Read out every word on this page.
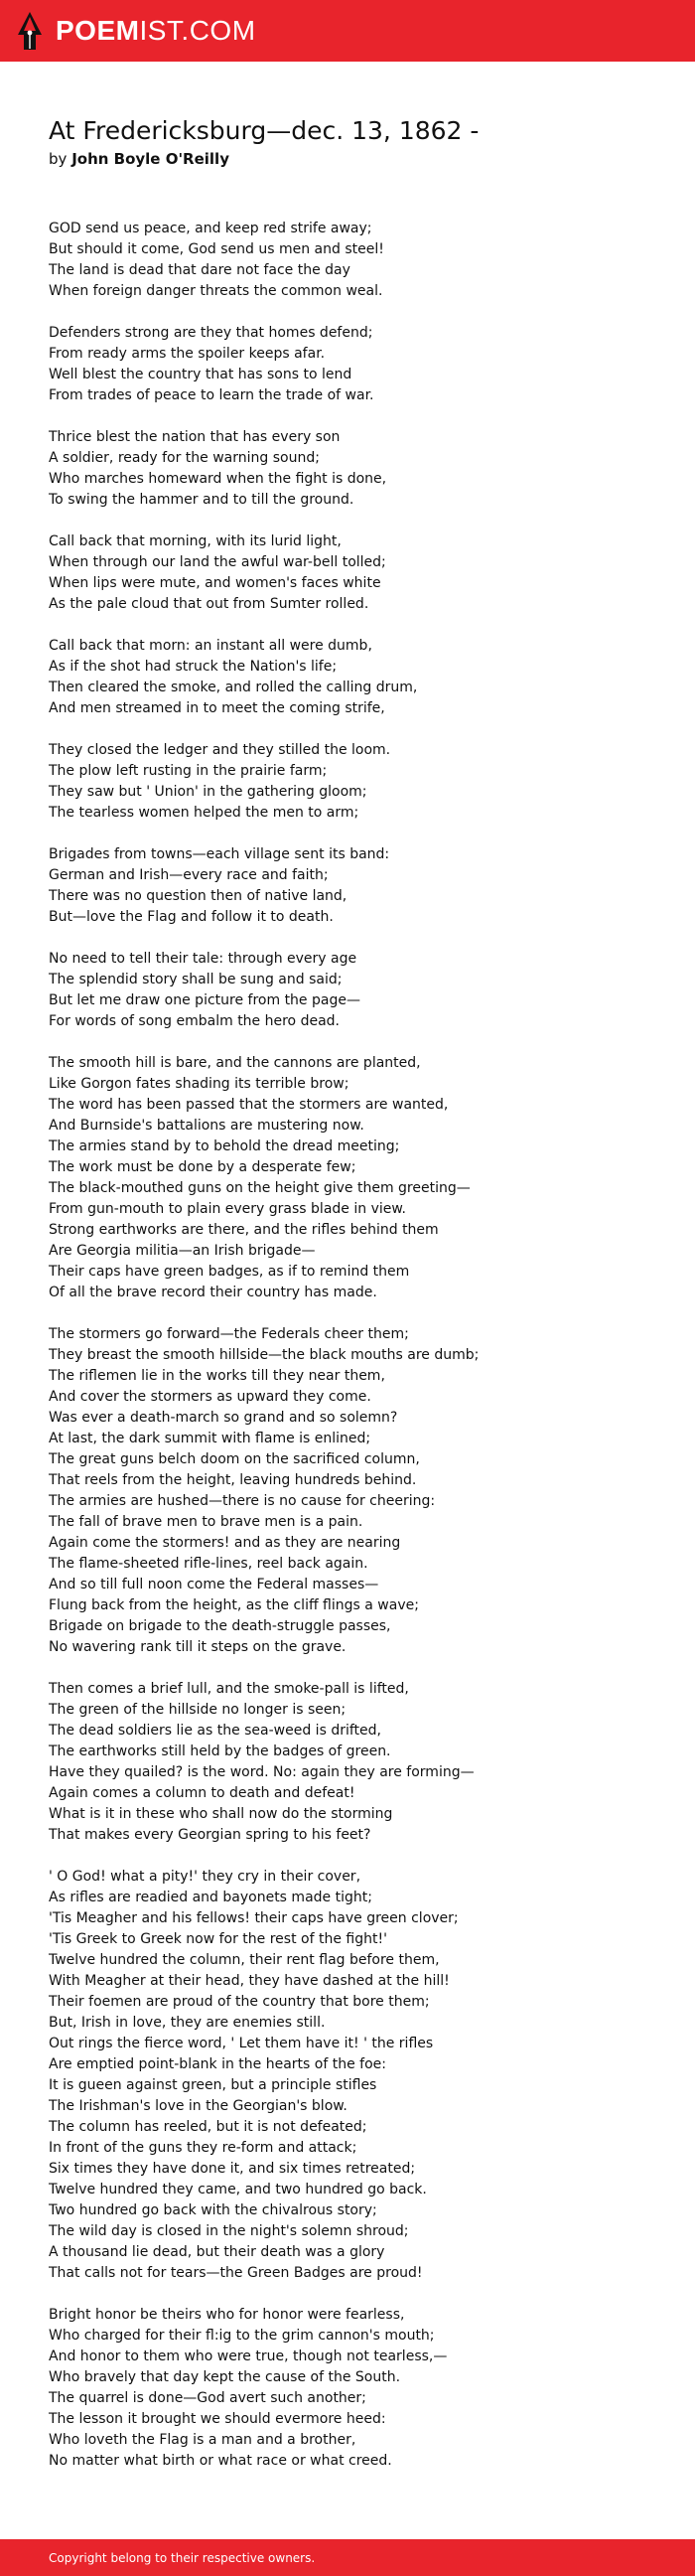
POEMIST.COM
At Fredericksburg—dec. 13, 1862 -
by John Boyle O'Reilly
GOD send us peace, and keep red strife away;
But should it come, God send us men and steel!
The land is dead that dare not face the day
When foreign danger threats the common weal.
Defenders strong are they that homes defend;
From ready arms the spoiler keeps afar.
Well blest the country that has sons to lend
From trades of peace to learn the trade of war.
Thrice blest the nation that has every son
A soldier, ready for the warning sound;
Who marches homeward when the fight is done,
To swing the hammer and to till the ground.
Call back that morning, with its lurid light,
When through our land the awful war-bell tolled;
When lips were mute, and women's faces white
As the pale cloud that out from Sumter rolled.
Call back that morn: an instant all were dumb,
As if the shot had struck the Nation's life;
Then cleared the smoke, and rolled the calling drum,
And men streamed in to meet the coming strife,
They closed the ledger and they stilled the loom.
The plow left rusting in the prairie farm;
They saw but ' Union' in the gathering gloom;
The tearless women helped the men to arm;
Brigades from towns—each village sent its band:
German and Irish—every race and faith;
There was no question then of native land,
But—love the Flag and follow it to death.
No need to tell their tale: through every age
The splendid story shall be sung and said;
But let me draw one picture from the page—
For words of song embalm the hero dead.
The smooth hill is bare, and the cannons are planted,
Like Gorgon fates shading its terrible brow;
The word has been passed that the stormers are wanted,
And Burnside's battalions are mustering now.
The armies stand by to behold the dread meeting;
The work must be done by a desperate few;
The black-mouthed guns on the height give them greeting—
From gun-mouth to plain every grass blade in view.
Strong earthworks are there, and the rifles behind them
Are Georgia militia—an Irish brigade—
Their caps have green badges, as if to remind them
Of all the brave record their country has made.
The stormers go forward—the Federals cheer them;
They breast the smooth hillside—the black mouths are dumb;
The riflemen lie in the works till they near them,
And cover the stormers as upward they come.
Was ever a death-march so grand and so solemn?
At last, the dark summit with flame is enlined;
The great guns belch doom on the sacrificed column,
That reels from the height, leaving hundreds behind.
The armies are hushed—there is no cause for cheering:
The fall of brave men to brave men is a pain.
Again come the stormers! and as they are nearing
The flame-sheeted rifle-lines, reel back again.
And so till full noon come the Federal masses—
Flung back from the height, as the cliff flings a wave;
Brigade on brigade to the death-struggle passes,
No wavering rank till it steps on the grave.
Then comes a brief lull, and the smoke-pall is lifted,
The green of the hillside no longer is seen;
The dead soldiers lie as the sea-weed is drifted,
The earthworks still held by the badges of green.
Have they quailed? is the word. No: again they are forming—
Again comes a column to death and defeat!
What is it in these who shall now do the storming
That makes every Georgian spring to his feet?
' O God! what a pity!' they cry in their cover,
As rifles are readied and bayonets made tight;
'Tis Meagher and his fellows! their caps have green clover;
'Tis Greek to Greek now for the rest of the fight!'
Twelve hundred the column, their rent flag before them,
With Meagher at their head, they have dashed at the hill!
Their foemen are proud of the country that bore them;
But, Irish in love, they are enemies still.
Out rings the fierce word, ' Let them have it! ' the rifles
Are emptied point-blank in the hearts of the foe:
It is gueen against green, but a principle stifles
The Irishman's love in the Georgian's blow.
The column has reeled, but it is not defeated;
In front of the guns they re-form and attack;
Six times they have done it, and six times retreated;
Twelve hundred they came, and two hundred go back.
Two hundred go back with the chivalrous story;
The wild day is closed in the night's solemn shroud;
A thousand lie dead, but their death was a glory
That calls not for tears—the Green Badges are proud!
Bright honor be theirs who for honor were fearless,
Who charged for their fl:ig to the grim cannon's mouth;
And honor to them who were true, though not tearless,—
Who bravely that day kept the cause of the South.
The quarrel is done—God avert such another;
The lesson it brought we should evermore heed:
Who loveth the Flag is a man and a brother,
No matter what birth or what race or what creed.
Copyright belong to their respective owners.
